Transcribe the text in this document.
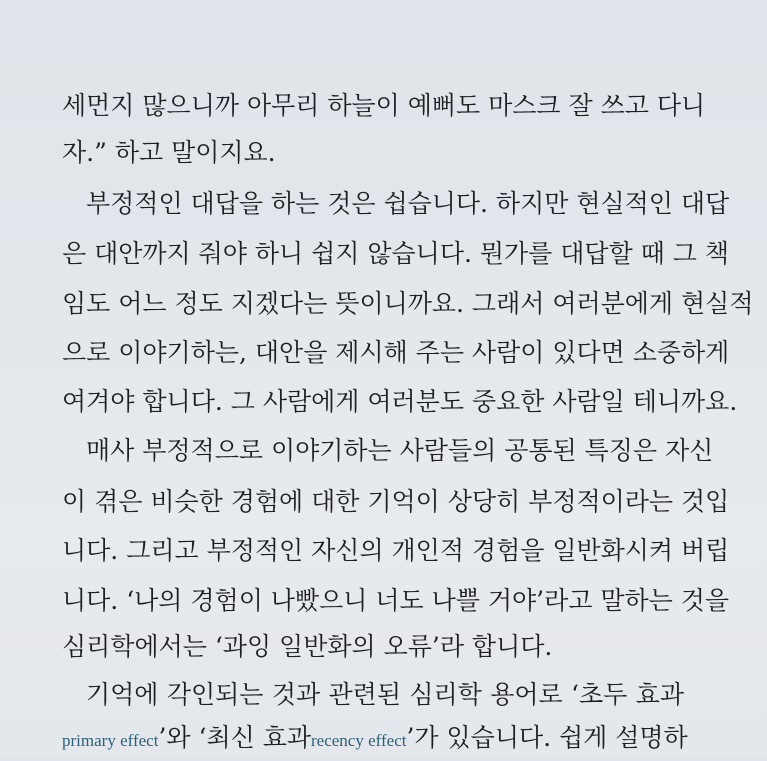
세먼지 많으니까 아무리 하늘이 예뻐도 마스크 잘 쓰고 다니
자.” 하고 말이지요.
부정적인 대답을 하는 것은 쉽습니다. 하지만 현실적인 대답
은 대안까지 줘야 하니 쉽지 않습니다. 뭔가를 대답할 때 그 책
임도 어느 정도 지겠다는 뜻이니까요. 그래서 여러분에게 현실적
으로 이야기하는, 대안을 제시해 주는 사람이 있다면 소중하게
여겨야 합니다. 그 사람에게 여러분도 중요한 사람일 테니까요.
매사 부정적으로 이야기하는 사람들의 공통된 특징은 자신
이 겪은 비슷한 경험에 대한 기억이 상당히 부정적이라는 것입
니다. 그리고 부정적인 자신의 개인적 경험을 일반화시켜 버립
니다. ‘나의 경험이 나빴으니 너도 나쁠 거야’라고 말하는 것을
심리학에서는 ‘과잉 일반화의 오류’라 합니다.
기억에 각인되는 것과 관련된 심리학 용어로 ‘초두 효과
primary effect’와 ‘최신 효과recency effect’가 있습니다. 쉽게 설명하
